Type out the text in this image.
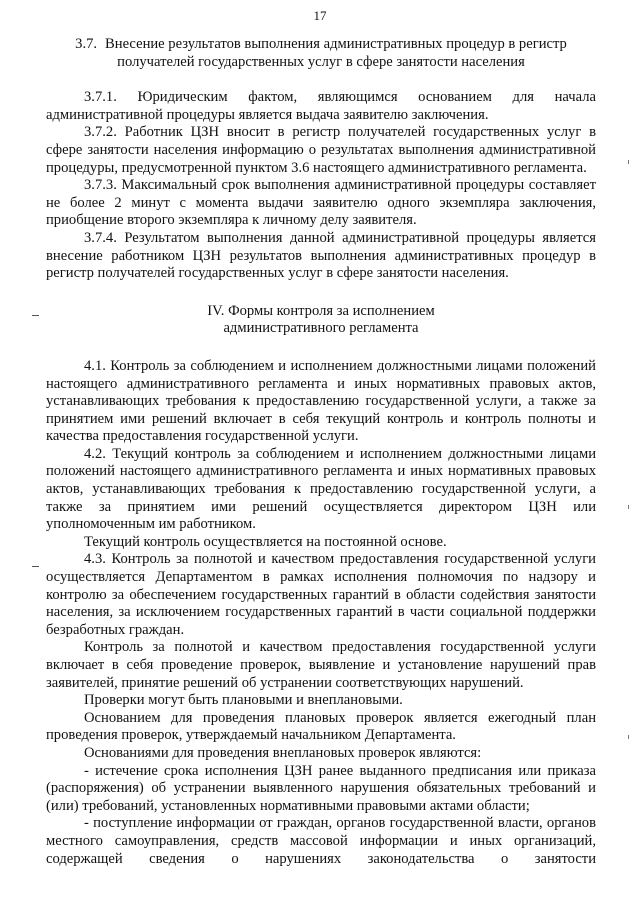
17
3.7. Внесение результатов выполнения административных процедур в регистр получателей государственных услуг в сфере занятости населения

3.7.1. Юридическим фактом, являющимся основанием для начала административной процедуры является выдача заявителю заключения.

3.7.2. Работник ЦЗН вносит в регистр получателей государственных услуг в сфере занятости населения информацию о результатах выполнения административной процедуры, предусмотренной пунктом 3.6 настоящего административного регламента.

3.7.3. Максимальный срок выполнения административной процедуры составляет не более 2 минут с момента выдачи заявителю одного экземпляра заключения, приобщение второго экземпляра к личному делу заявителя.

3.7.4. Результатом выполнения данной административной процедуры является внесение работником ЦЗН результатов выполнения административных процедур в регистр получателей государственных услуг в сфере занятости населения.

IV. Формы контроля за исполнением
административного регламента

4.1. Контроль за соблюдением и исполнением должностными лицами положений настоящего административного регламента и иных нормативных правовых актов, устанавливающих требования к предоставлению государственной услуги, а также за принятием ими решений включает в себя текущий контроль и контроль полноты и качества предоставления государственной услуги.

4.2. Текущий контроль за соблюдением и исполнением должностными лицами положений настоящего административного регламента и иных нормативных правовых актов, устанавливающих требования к предоставлению государственной услуги, а также за принятием ими решений осуществляется директором ЦЗН или уполномоченным им работником.

Текущий контроль осуществляется на постоянной основе.

4.3. Контроль за полнотой и качеством предоставления государственной услуги осуществляется Департаментом в рамках исполнения полномочия по надзору и контролю за обеспечением государственных гарантий в области содействия занятости населения, за исключением государственных гарантий в части социальной поддержки безработных граждан.

Контроль за полнотой и качеством предоставления государственной услуги включает в себя проведение проверок, выявление и установление нарушений прав заявителей, принятие решений об устранении соответствующих нарушений.

Проверки могут быть плановыми и внеплановыми.

Основанием для проведения плановых проверок является ежегодный план проведения проверок, утверждаемый начальником Департамента.

Основаниями для проведения внеплановых проверок являются:

- истечение срока исполнения ЦЗН ранее выданного предписания или приказа (распоряжения) об устранении выявленного нарушения обязательных требований и (или) требований, установленных нормативными правовыми актами области;

- поступление информации от граждан, органов государственной власти, органов местного самоуправления, средств массовой информации и иных организаций, содержащей сведения о нарушениях законодательства о занятости
